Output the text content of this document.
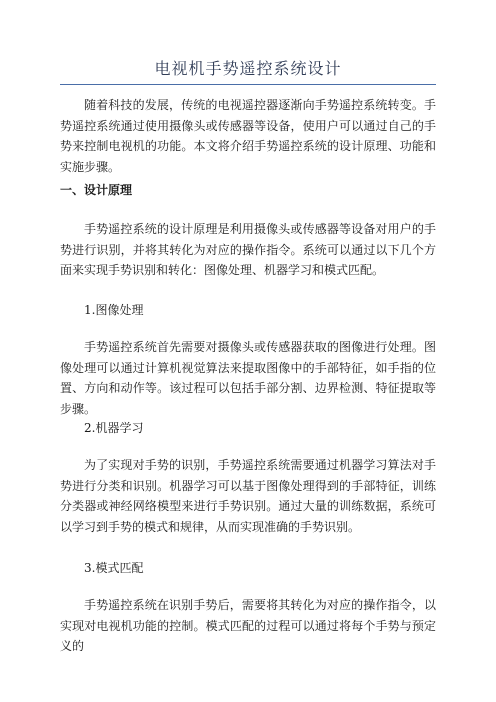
电视机手势遥控系统设计

随着科技的发展，传统的电视遥控器逐渐向手势遥控系统转变。手势遥控系统通过使用摄像头或传感器等设备，使用户可以通过自己的手势来控制电视机的功能。本文将介绍手势遥控系统的设计原理、功能和实施步骤。

一、设计原理

手势遥控系统的设计原理是利用摄像头或传感器等设备对用户的手势进行识别，并将其转化为对应的操作指令。系统可以通过以下几个方面来实现手势识别和转化：图像处理、机器学习和模式匹配。

1.图像处理

手势遥控系统首先需要对摄像头或传感器获取的图像进行处理。图像处理可以通过计算机视觉算法来提取图像中的手部特征，如手指的位置、方向和动作等。该过程可以包括手部分割、边界检测、特征提取等步骤。

2.机器学习

为了实现对手势的识别，手势遥控系统需要通过机器学习算法对手势进行分类和识别。机器学习可以基于图像处理得到的手部特征，训练分类器或神经网络模型来进行手势识别。通过大量的训练数据，系统可以学习到手势的模式和规律，从而实现准确的手势识别。

3.模式匹配

手势遥控系统在识别手势后，需要将其转化为对应的操作指令，以实现对电视机功能的控制。模式匹配的过程可以通过将每个手势与预定义的
